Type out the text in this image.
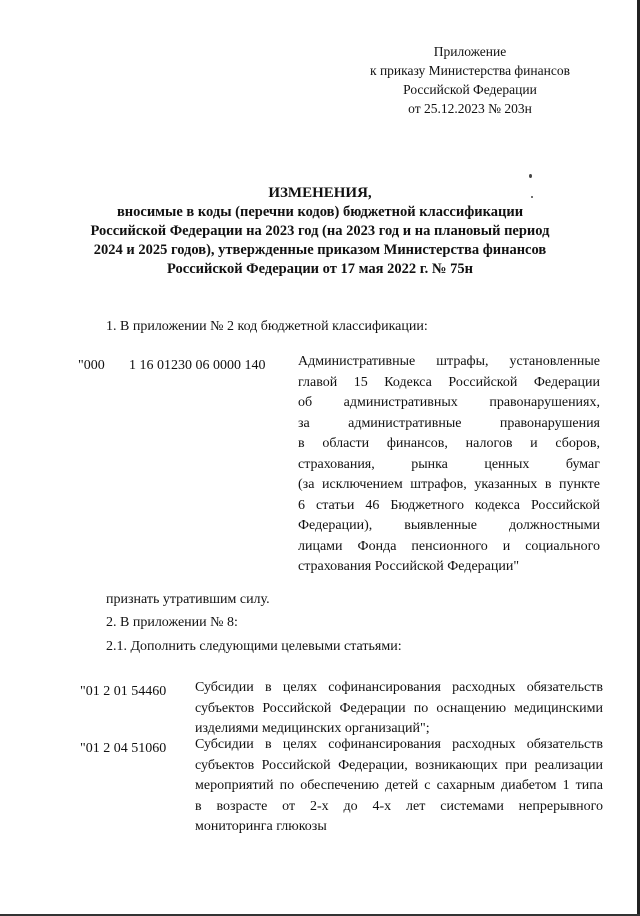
Приложение
к приказу Министерства финансов
Российской Федерации
от 25.12.2023 № 203н
ИЗМЕНЕНИЯ,
вносимые в коды (перечни кодов) бюджетной классификации
Российской Федерации на 2023 год (на 2023 год и на плановый период
2024 и 2025 годов), утвержденные приказом Министерства финансов
Российской Федерации от 17 мая 2022 г. № 75н
1. В приложении № 2 код бюджетной классификации:
"000 1 16 01230 06 0000 140 Административные штрафы, установленные
главой 15 Кодекса Российской Федерации
об административных правонарушениях,
за административные правонарушения
в области финансов, налогов и сборов,
страхования, рынка ценных бумаг
(за исключением штрафов, указанных в пункте
6 статьи 46 Бюджетного кодекса Российской
Федерации), выявленные должностными
лицами Фонда пенсионного и социального
страхования Российской Федерации"
признать утратившим силу.
2. В приложении № 8:
2.1. Дополнить следующими целевыми статьями:
"01 2 01 54460 Субсидии в целях софинансирования расходных обязательств
субъектов Российской Федерации по оснащению медицинскими
изделиями медицинских организаций";
"01 2 04 51060 Субсидии в целях софинансирования расходных обязательств
субъектов Российской Федерации, возникающих при реализации
мероприятий по обеспечению детей с сахарным диабетом 1 типа
в возрасте от 2-х до 4-х лет системами непрерывного
мониторинга глюкозы
